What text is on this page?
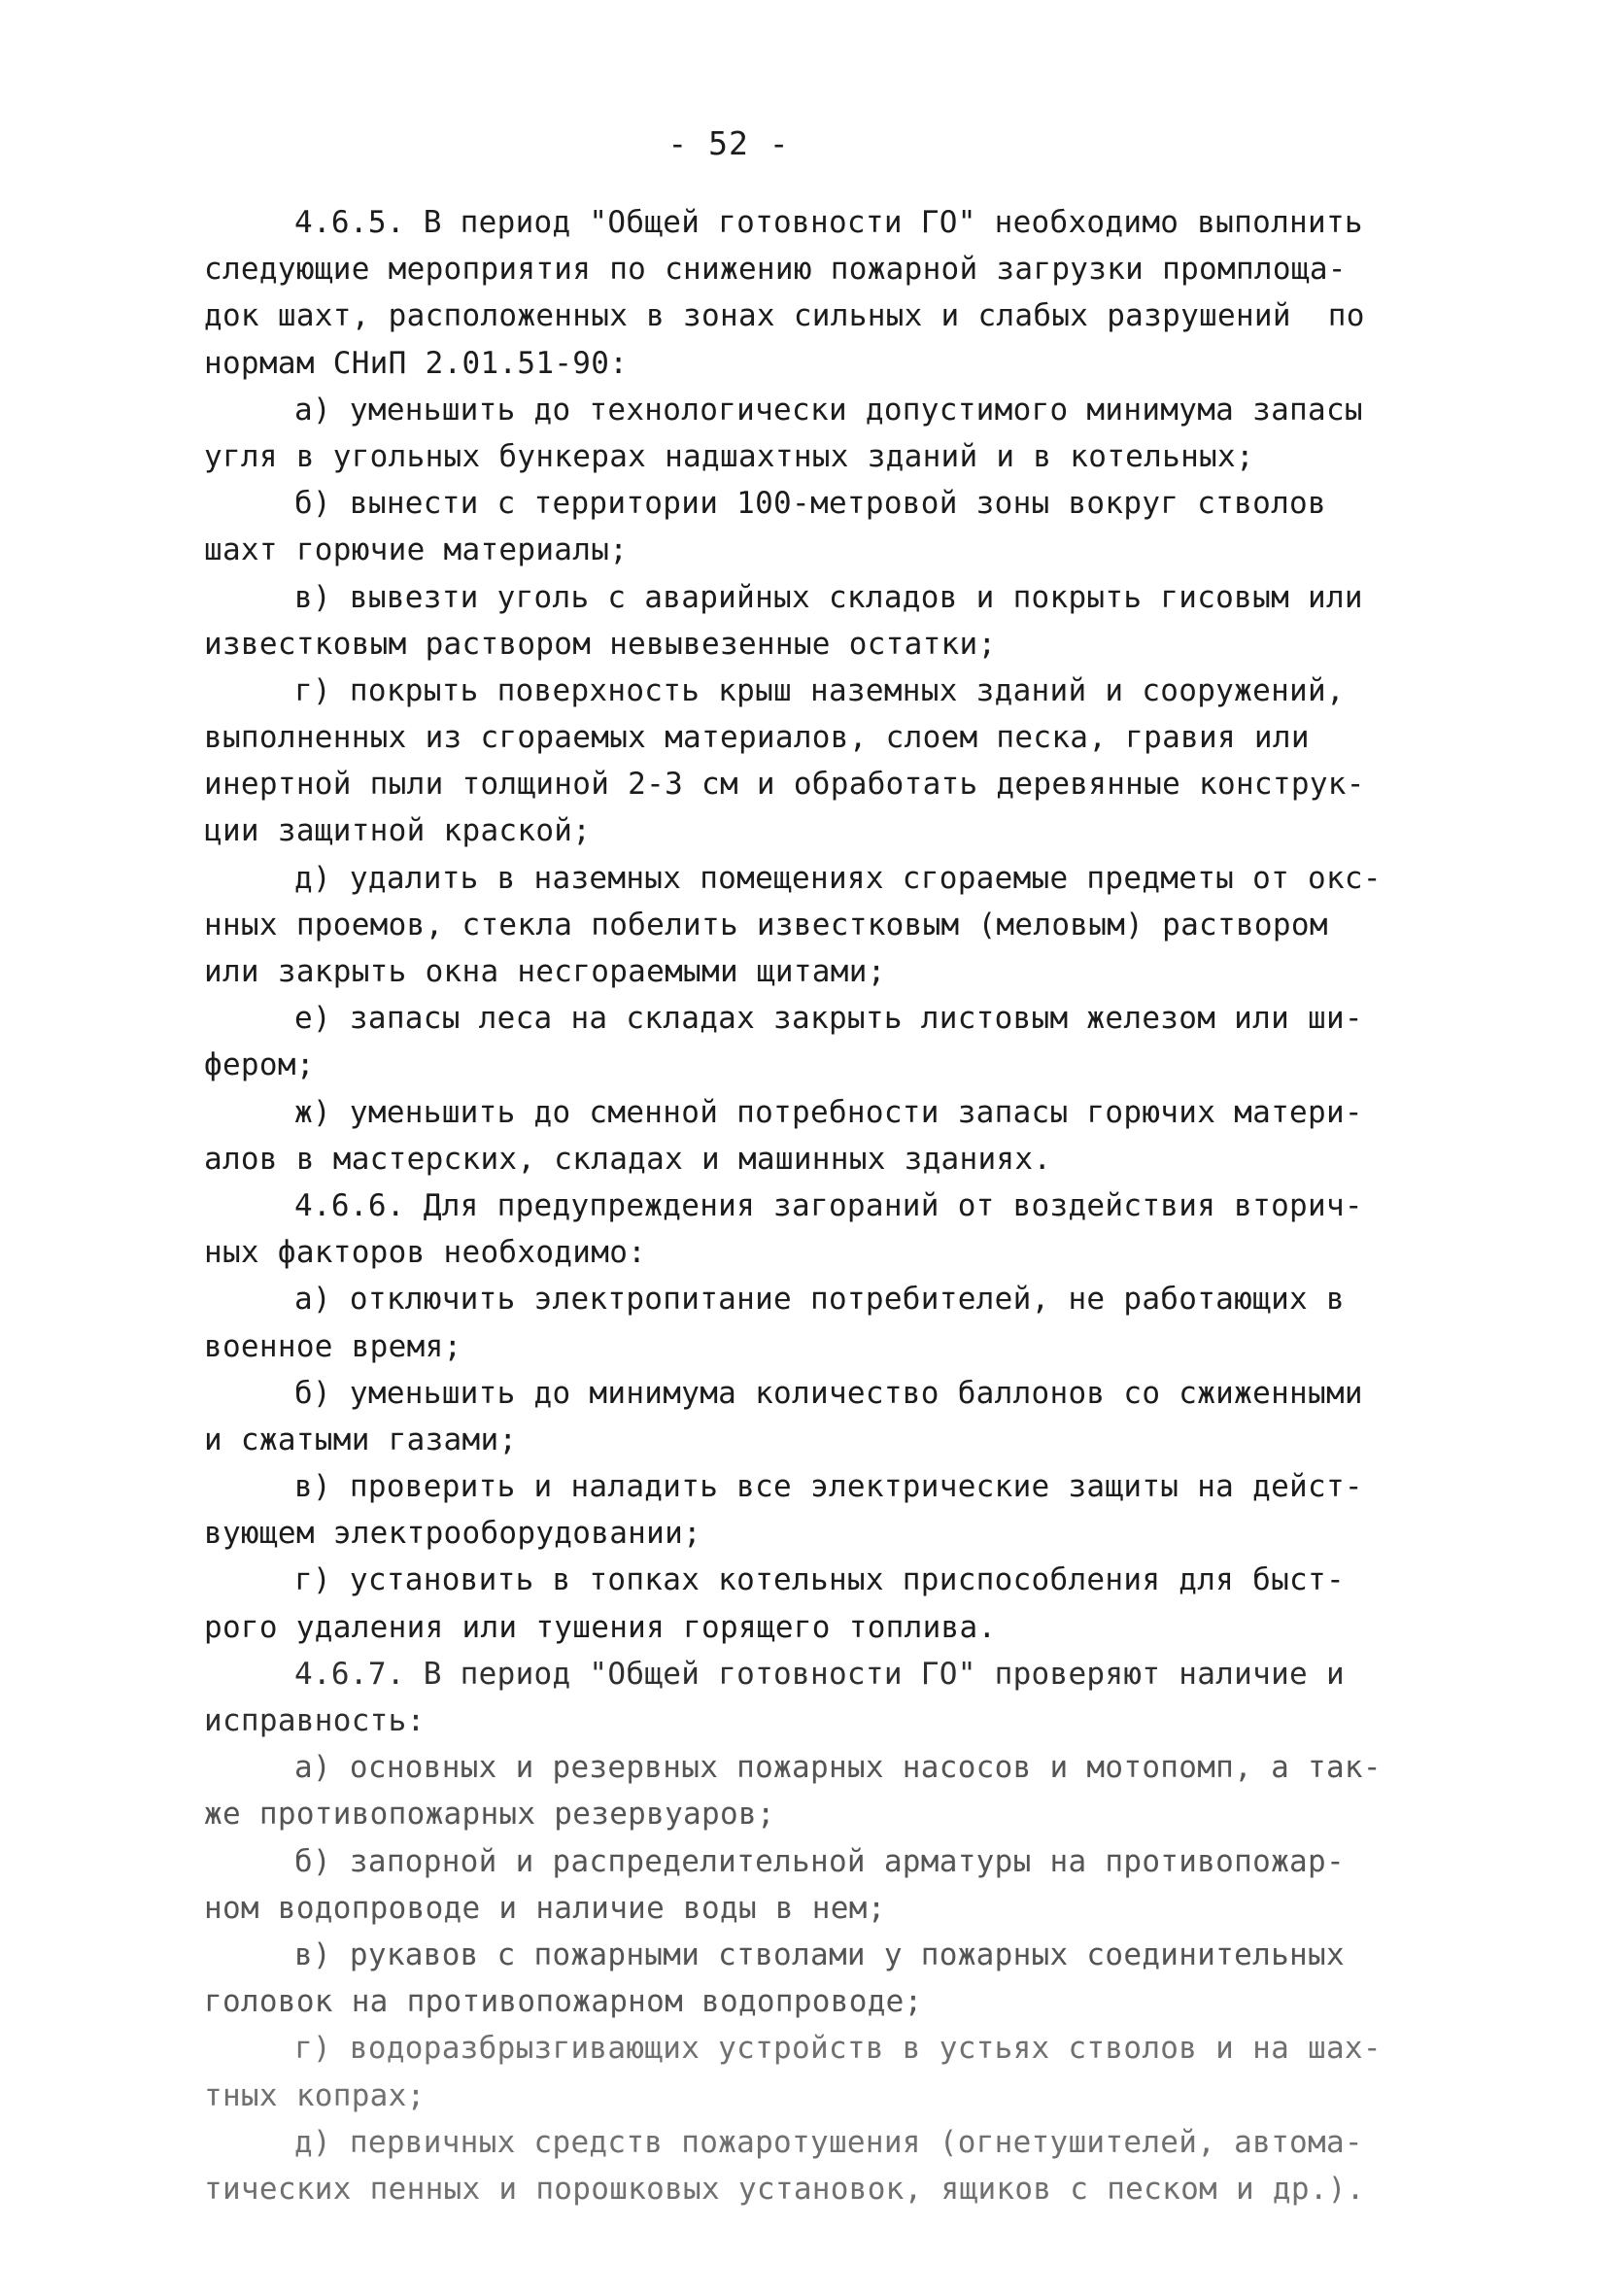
- 52 -
4.6.5. В период "Общей готовности ГО" необходимо выполнить
следующие мероприятия по снижению пожарной загрузки промплоща-
док шахт, расположенных в зонах сильных и слабых разрушений  по
нормам СНиП 2.01.51-90:
а) уменьшить до технологически допустимого минимума запасы
угля в угольных бункерах надшахтных зданий и в котельных;
б) вынести с территории 100-метровой зоны вокруг стволов
шахт горючие материалы;
в) вывезти уголь с аварийных складов и покрыть гисовым или
известковым раствором невывезенные остатки;
г) покрыть поверхность крыш наземных зданий и сооружений,
выполненных из сгораемых материалов, слоем песка, гравия или
инертной пыли толщиной 2-3 см и обработать деревянные конструк-
ции защитной краской;
д) удалить в наземных помещениях сгораемые предметы от окс-
нных проемов, стекла побелить известковым (меловым) раствором
или закрыть окна несгораемыми щитами;
е) запасы леса на складах закрыть листовым железом или ши-
фером;
ж) уменьшить до сменной потребности запасы горючих матери-
алов в мастерских, складах и машинных зданиях.
4.6.6. Для предупреждения загораний от воздействия вторич-
ных факторов необходимо:
а) отключить электропитание потребителей, не работающих в
военное время;
б) уменьшить до минимума количество баллонов со сжиженными
и сжатыми газами;
в) проверить и наладить все электрические защиты на дейст-
вующем электрооборудовании;
г) установить в топках котельных приспособления для быст-
рого удаления или тушения горящего топлива.
4.6.7. В период "Общей готовности ГО" проверяют наличие и
исправность:
а) основных и резервных пожарных насосов и мотопомп, а так-
же противопожарных резервуаров;
б) запорной и распределительной арматуры на противопожар-
ном водопроводе и наличие воды в нем;
в) рукавов с пожарными стволами у пожарных соединительных
головок на противопожарном водопроводе;
г) водоразбрызгивающих устройств в устьях стволов и на шах-
тных копрах;
д) первичных средств пожаротушения (огнетушителей, автома-
тических пенных и порошковых установок, ящиков с песком и др.).
